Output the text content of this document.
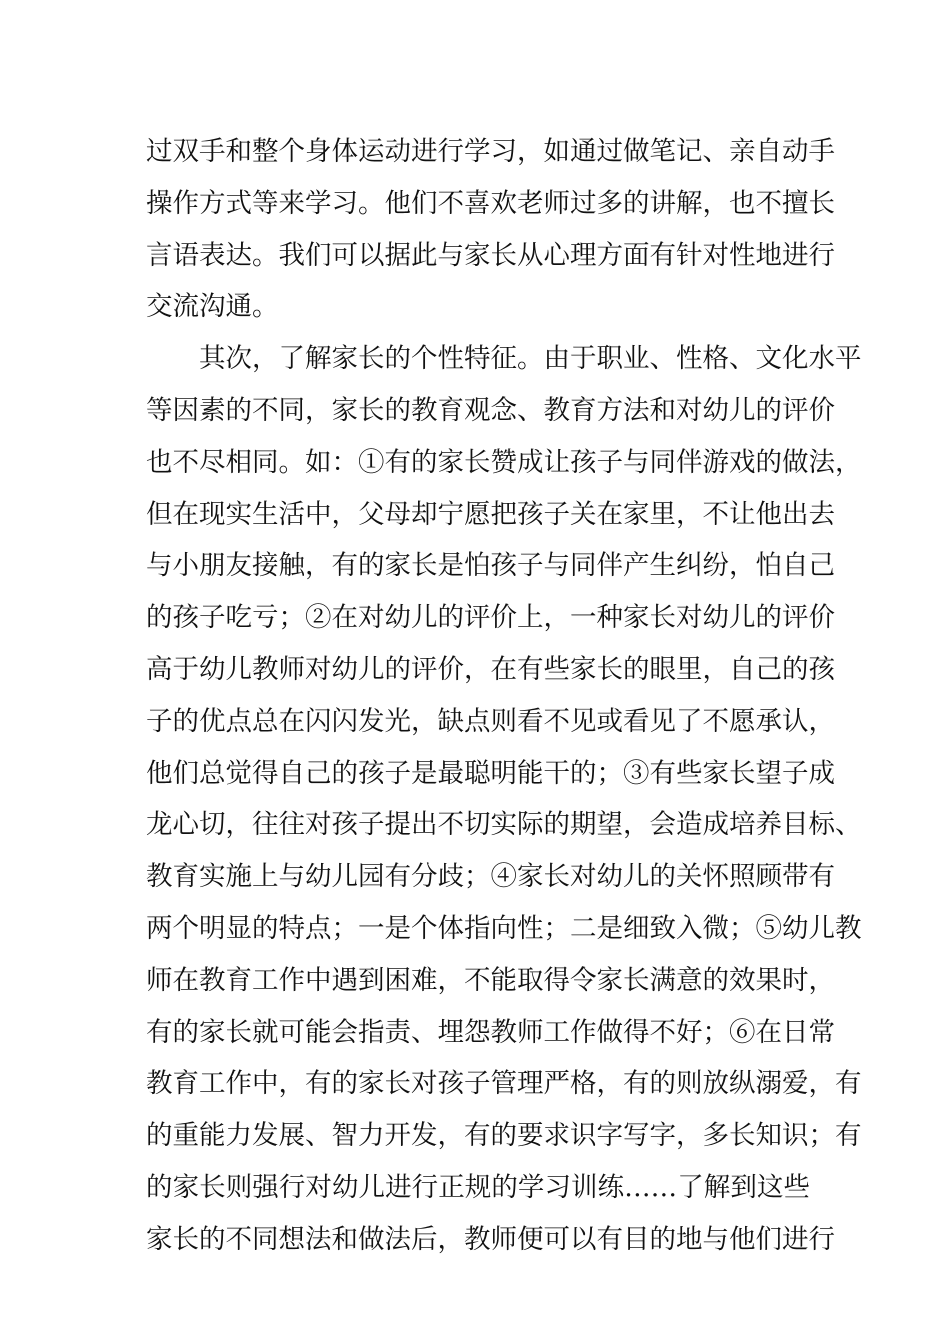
过双手和整个身体运动进行学习，如通过做笔记、亲自动手
操作方式等来学习。他们不喜欢老师过多的讲解，也不擅长
言语表达。我们可以据此与家长从心理方面有针对性地进行
交流沟通。
其次，了解家长的个性特征。由于职业、性格、文化水平
等因素的不同，家长的教育观念、教育方法和对幼儿的评价
也不尽相同。如：①有的家长赞成让孩子与同伴游戏的做法，
但在现实生活中，父母却宁愿把孩子关在家里，不让他出去
与小朋友接触，有的家长是怕孩子与同伴产生纠纷，怕自己
的孩子吃亏；②在对幼儿的评价上，一种家长对幼儿的评价
高于幼儿教师对幼儿的评价，在有些家长的眼里，自己的孩
子的优点总在闪闪发光，缺点则看不见或看见了不愿承认，
他们总觉得自己的孩子是最聪明能干的；③有些家长望子成
龙心切，往往对孩子提出不切实际的期望，会造成培养目标、
教育实施上与幼儿园有分歧；④家长对幼儿的关怀照顾带有
两个明显的特点；一是个体指向性；二是细致入微；⑤幼儿教
师在教育工作中遇到困难，不能取得令家长满意的效果时，
有的家长就可能会指责、埋怨教师工作做得不好；⑥在日常
教育工作中，有的家长对孩子管理严格，有的则放纵溺爱，有
的重能力发展、智力开发，有的要求识字写字，多长知识；有
的家长则强行对幼儿进行正规的学习训练……了解到这些
家长的不同想法和做法后，教师便可以有目的地与他们进行
